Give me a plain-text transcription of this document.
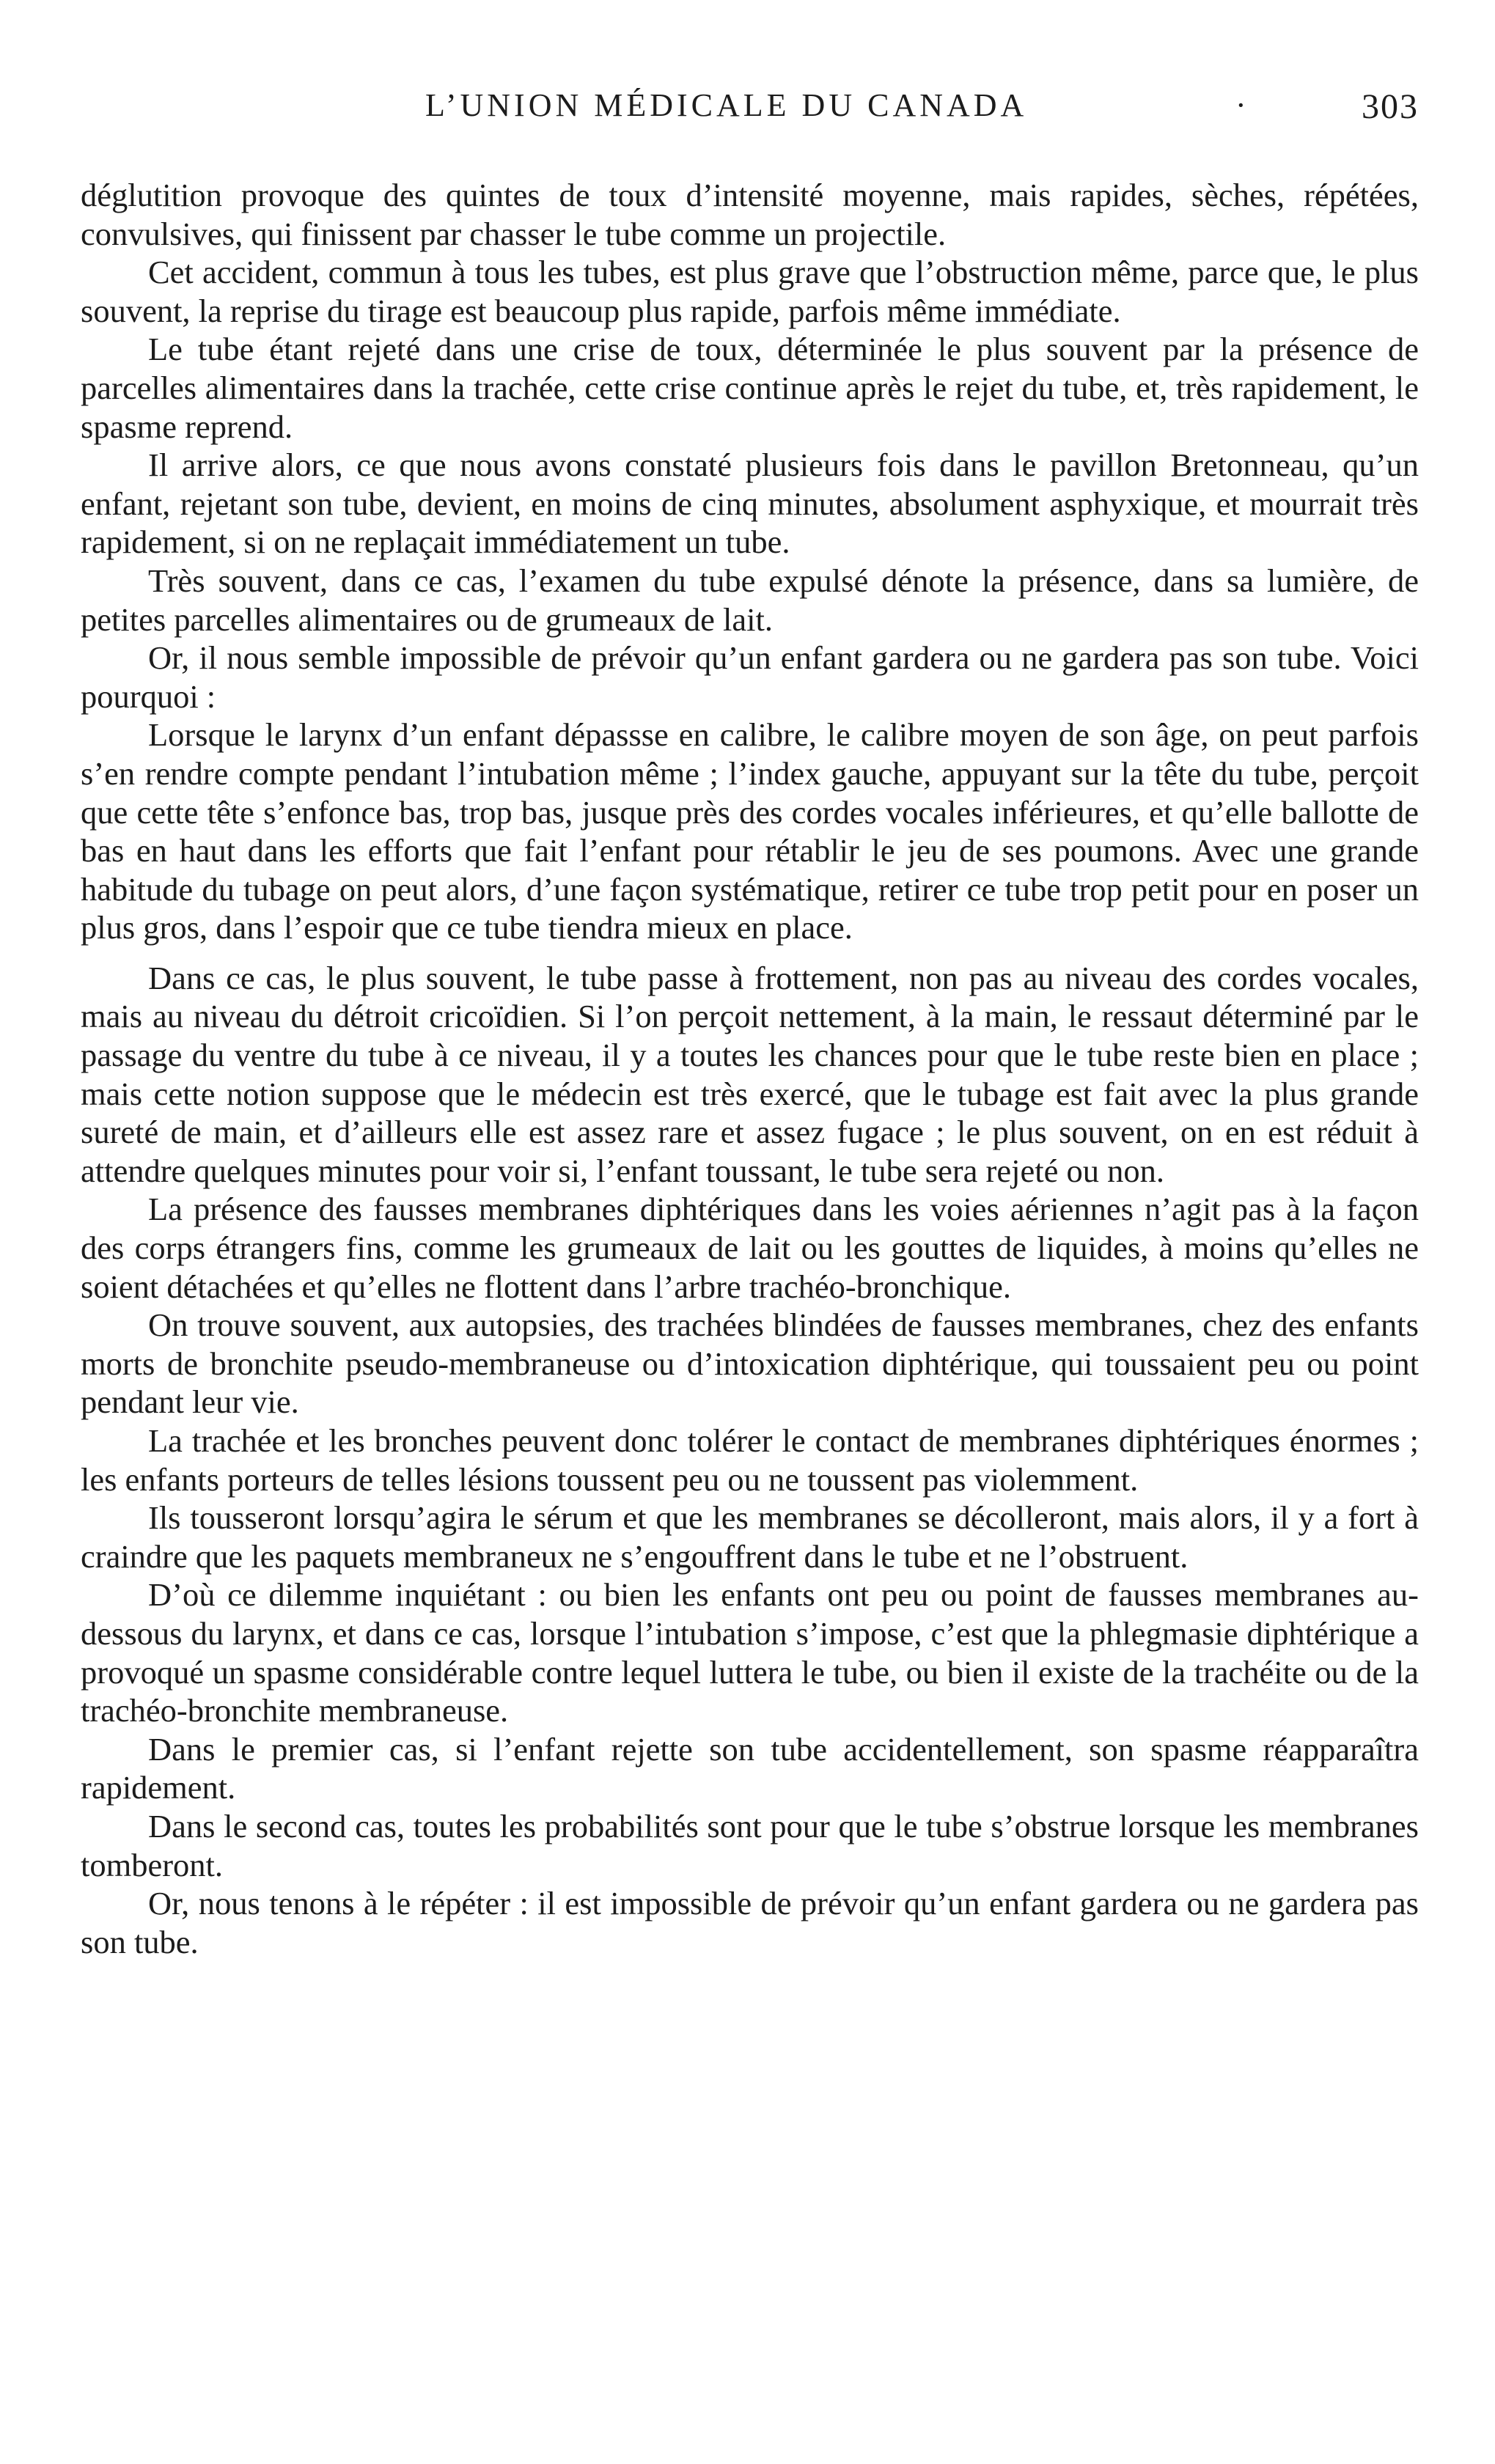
L’UNION MÉDICALE DU CANADA	·	303

déglutition provoque des quintes de toux d’intensité moyenne, mais rapides, sèches, répétées, convulsives, qui finissent par chasser le tube comme un projectile.

Cet accident, commun à tous les tubes, est plus grave que l’obstruction même, parce que, le plus souvent, la reprise du tirage est beaucoup plus rapide, parfois même immédiate.

Le tube étant rejeté dans une crise de toux, déterminée le plus souvent par la présence de parcelles alimentaires dans la trachée, cette crise continue après le rejet du tube, et, très rapidement, le spasme reprend.

Il arrive alors, ce que nous avons constaté plusieurs fois dans le pavillon Bretonneau, qu’un enfant, rejetant son tube, devient, en moins de cinq minutes, absolument asphyxique, et mourrait très rapidement, si on ne replaçait immédiatement un tube.

Très souvent, dans ce cas, l’examen du tube expulsé dénote la présence, dans sa lumière, de petites parcelles alimentaires ou de grumeaux de lait.

Or, il nous semble impossible de prévoir qu’un enfant gardera ou ne gardera pas son tube. Voici pourquoi :

Lorsque le larynx d’un enfant dépassse en calibre, le calibre moyen de son âge, on peut parfois s’en rendre compte pendant l’intubation même ; l’index gauche, appuyant sur la tête du tube, perçoit que cette tête s’enfonce bas, trop bas, jusque près des cordes vocales inférieures, et qu’elle ballotte de bas en haut dans les efforts que fait l’enfant pour rétablir le jeu de ses poumons. Avec une grande habitude du tubage on peut alors, d’une façon systématique, retirer ce tube trop petit pour en poser un plus gros, dans l’espoir que ce tube tiendra mieux en place.

Dans ce cas, le plus souvent, le tube passe à frottement, non pas au niveau des cordes vocales, mais au niveau du détroit cricoïdien. Si l’on perçoit nettement, à la main, le ressaut déterminé par le passage du ventre du tube à ce niveau, il y a toutes les chances pour que le tube reste bien en place ; mais cette notion suppose que le médecin est très exercé, que le tubage est fait avec la plus grande sureté de main, et d’ailleurs elle est assez rare et assez fugace ; le plus souvent, on en est réduit à attendre quelques minutes pour voir si, l’enfant toussant, le tube sera rejeté ou non.

La présence des fausses membranes diphtériques dans les voies aériennes n’agit pas à la façon des corps étrangers fins, comme les grumeaux de lait ou les gouttes de liquides, à moins qu’elles ne soient détachées et qu’elles ne flottent dans l’arbre trachéo-bronchique.

On trouve souvent, aux autopsies, des trachées blindées de fausses membranes, chez des enfants morts de bronchite pseudo-membraneuse ou d’intoxication diphtérique, qui toussaient peu ou point pendant leur vie.

La trachée et les bronches peuvent donc tolérer le contact de membranes diphtériques énormes ; les enfants porteurs de telles lésions toussent peu ou ne toussent pas violemment.

Ils tousseront lorsqu’agira le sérum et que les membranes se décolleront, mais alors, il y a fort à craindre que les paquets membraneux ne s’engouffrent dans le tube et ne l’obstruent.

D’où ce dilemme inquiétant : ou bien les enfants ont peu ou point de fausses membranes au-dessous du larynx, et dans ce cas, lorsque l’intubation s’impose, c’est que la phlegmasie diphtérique a provoqué un spasme considérable contre lequel luttera le tube, ou bien il existe de la trachéite ou de la trachéo-bronchite membraneuse.

Dans le premier cas, si l’enfant rejette son tube accidentellement, son spasme réapparaîtra rapidement.

Dans le second cas, toutes les probabilités sont pour que le tube s’obstrue lorsque les membranes tomberont.

Or, nous tenons à le répéter : il est impossible de prévoir qu’un enfant gardera ou ne gardera pas son tube.
